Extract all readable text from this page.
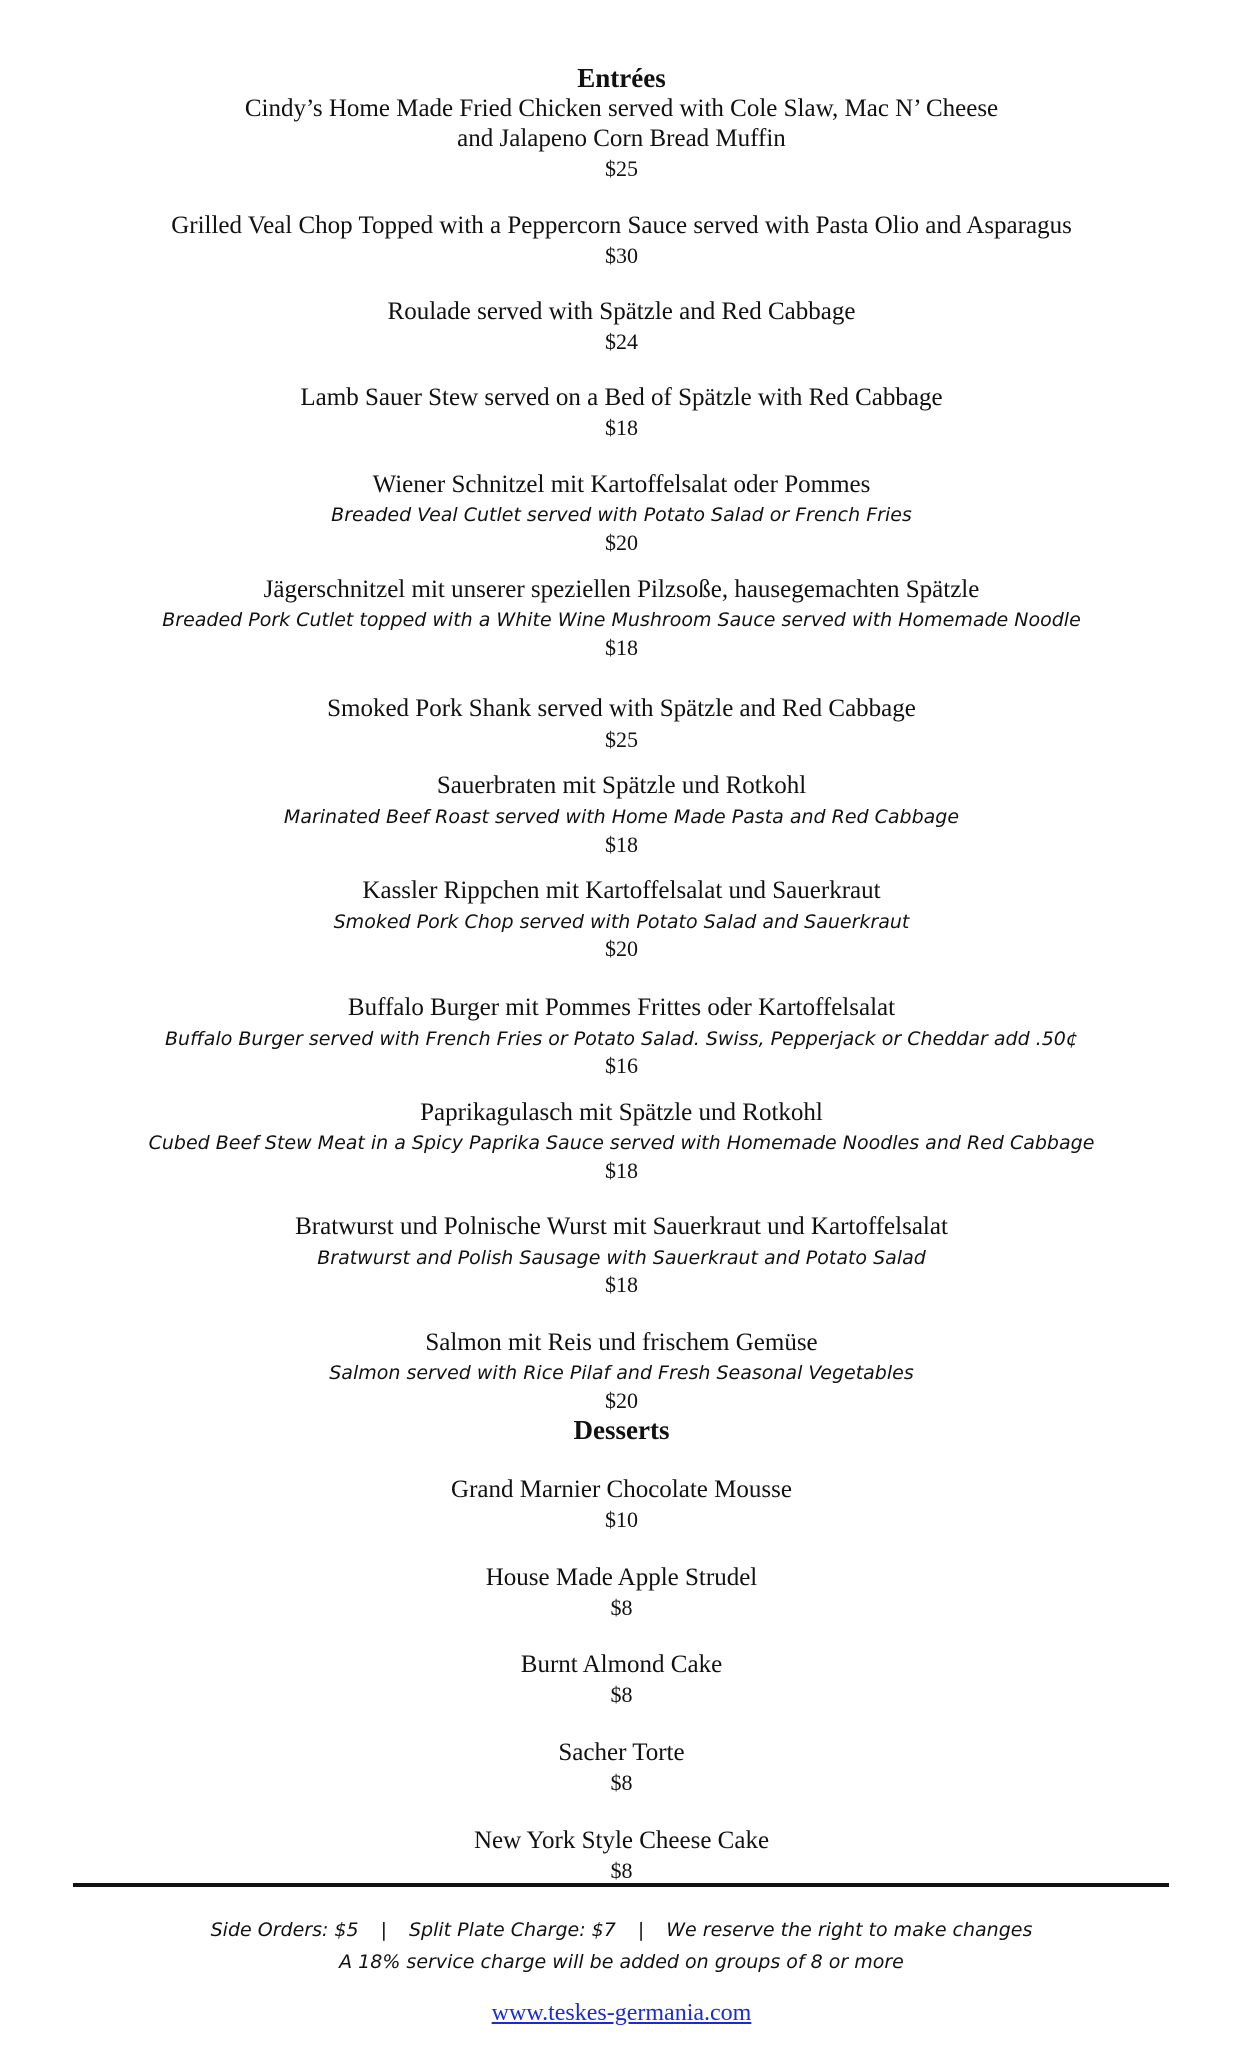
Entrées
Cindy’s Home Made Fried Chicken served with Cole Slaw, Mac N’ Cheese
and Jalapeno Corn Bread Muffin
$25
Grilled Veal Chop Topped with a Peppercorn Sauce served with Pasta Olio and Asparagus
$30
Roulade served with Spätzle and Red Cabbage
$24
Lamb Sauer Stew served on a Bed of Spätzle with Red Cabbage
$18
Wiener Schnitzel mit Kartoffelsalat oder Pommes
Breaded Veal Cutlet served with Potato Salad or French Fries
$20
Jägerschnitzel mit unserer speziellen Pilzsoße, hausegemachten Spätzle
Breaded Pork Cutlet topped with a White Wine Mushroom Sauce served with Homemade Noodle
$18
Smoked Pork Shank served with Spätzle and Red Cabbage
$25
Sauerbraten mit Spätzle und Rotkohl
Marinated Beef Roast served with Home Made Pasta and Red Cabbage
$18
Kassler Rippchen mit Kartoffelsalat und Sauerkraut
Smoked Pork Chop served with Potato Salad and Sauerkraut
$20
Buffalo Burger mit Pommes Frittes oder Kartoffelsalat
Buffalo Burger served with French Fries or Potato Salad. Swiss, Pepperjack or Cheddar add .50¢
$16
Paprikagulasch mit Spätzle und Rotkohl
Cubed Beef Stew Meat in a Spicy Paprika Sauce served with Homemade Noodles and Red Cabbage
$18
Bratwurst und Polnische Wurst mit Sauerkraut und Kartoffelsalat
Bratwurst and Polish Sausage with Sauerkraut and Potato Salad
$18
Salmon mit Reis und frischem Gemüse
Salmon served with Rice Pilaf and Fresh Seasonal Vegetables
$20
Desserts
Grand Marnier Chocolate Mousse
$10
House Made Apple Strudel
$8
Burnt Almond Cake
$8
Sacher Torte
$8
New York Style Cheese Cake
$8
Side Orders: $5 | Split Plate Charge: $7 | We reserve the right to make changes
A 18% service charge will be added on groups of 8 or more
www.teskes-germania.com
